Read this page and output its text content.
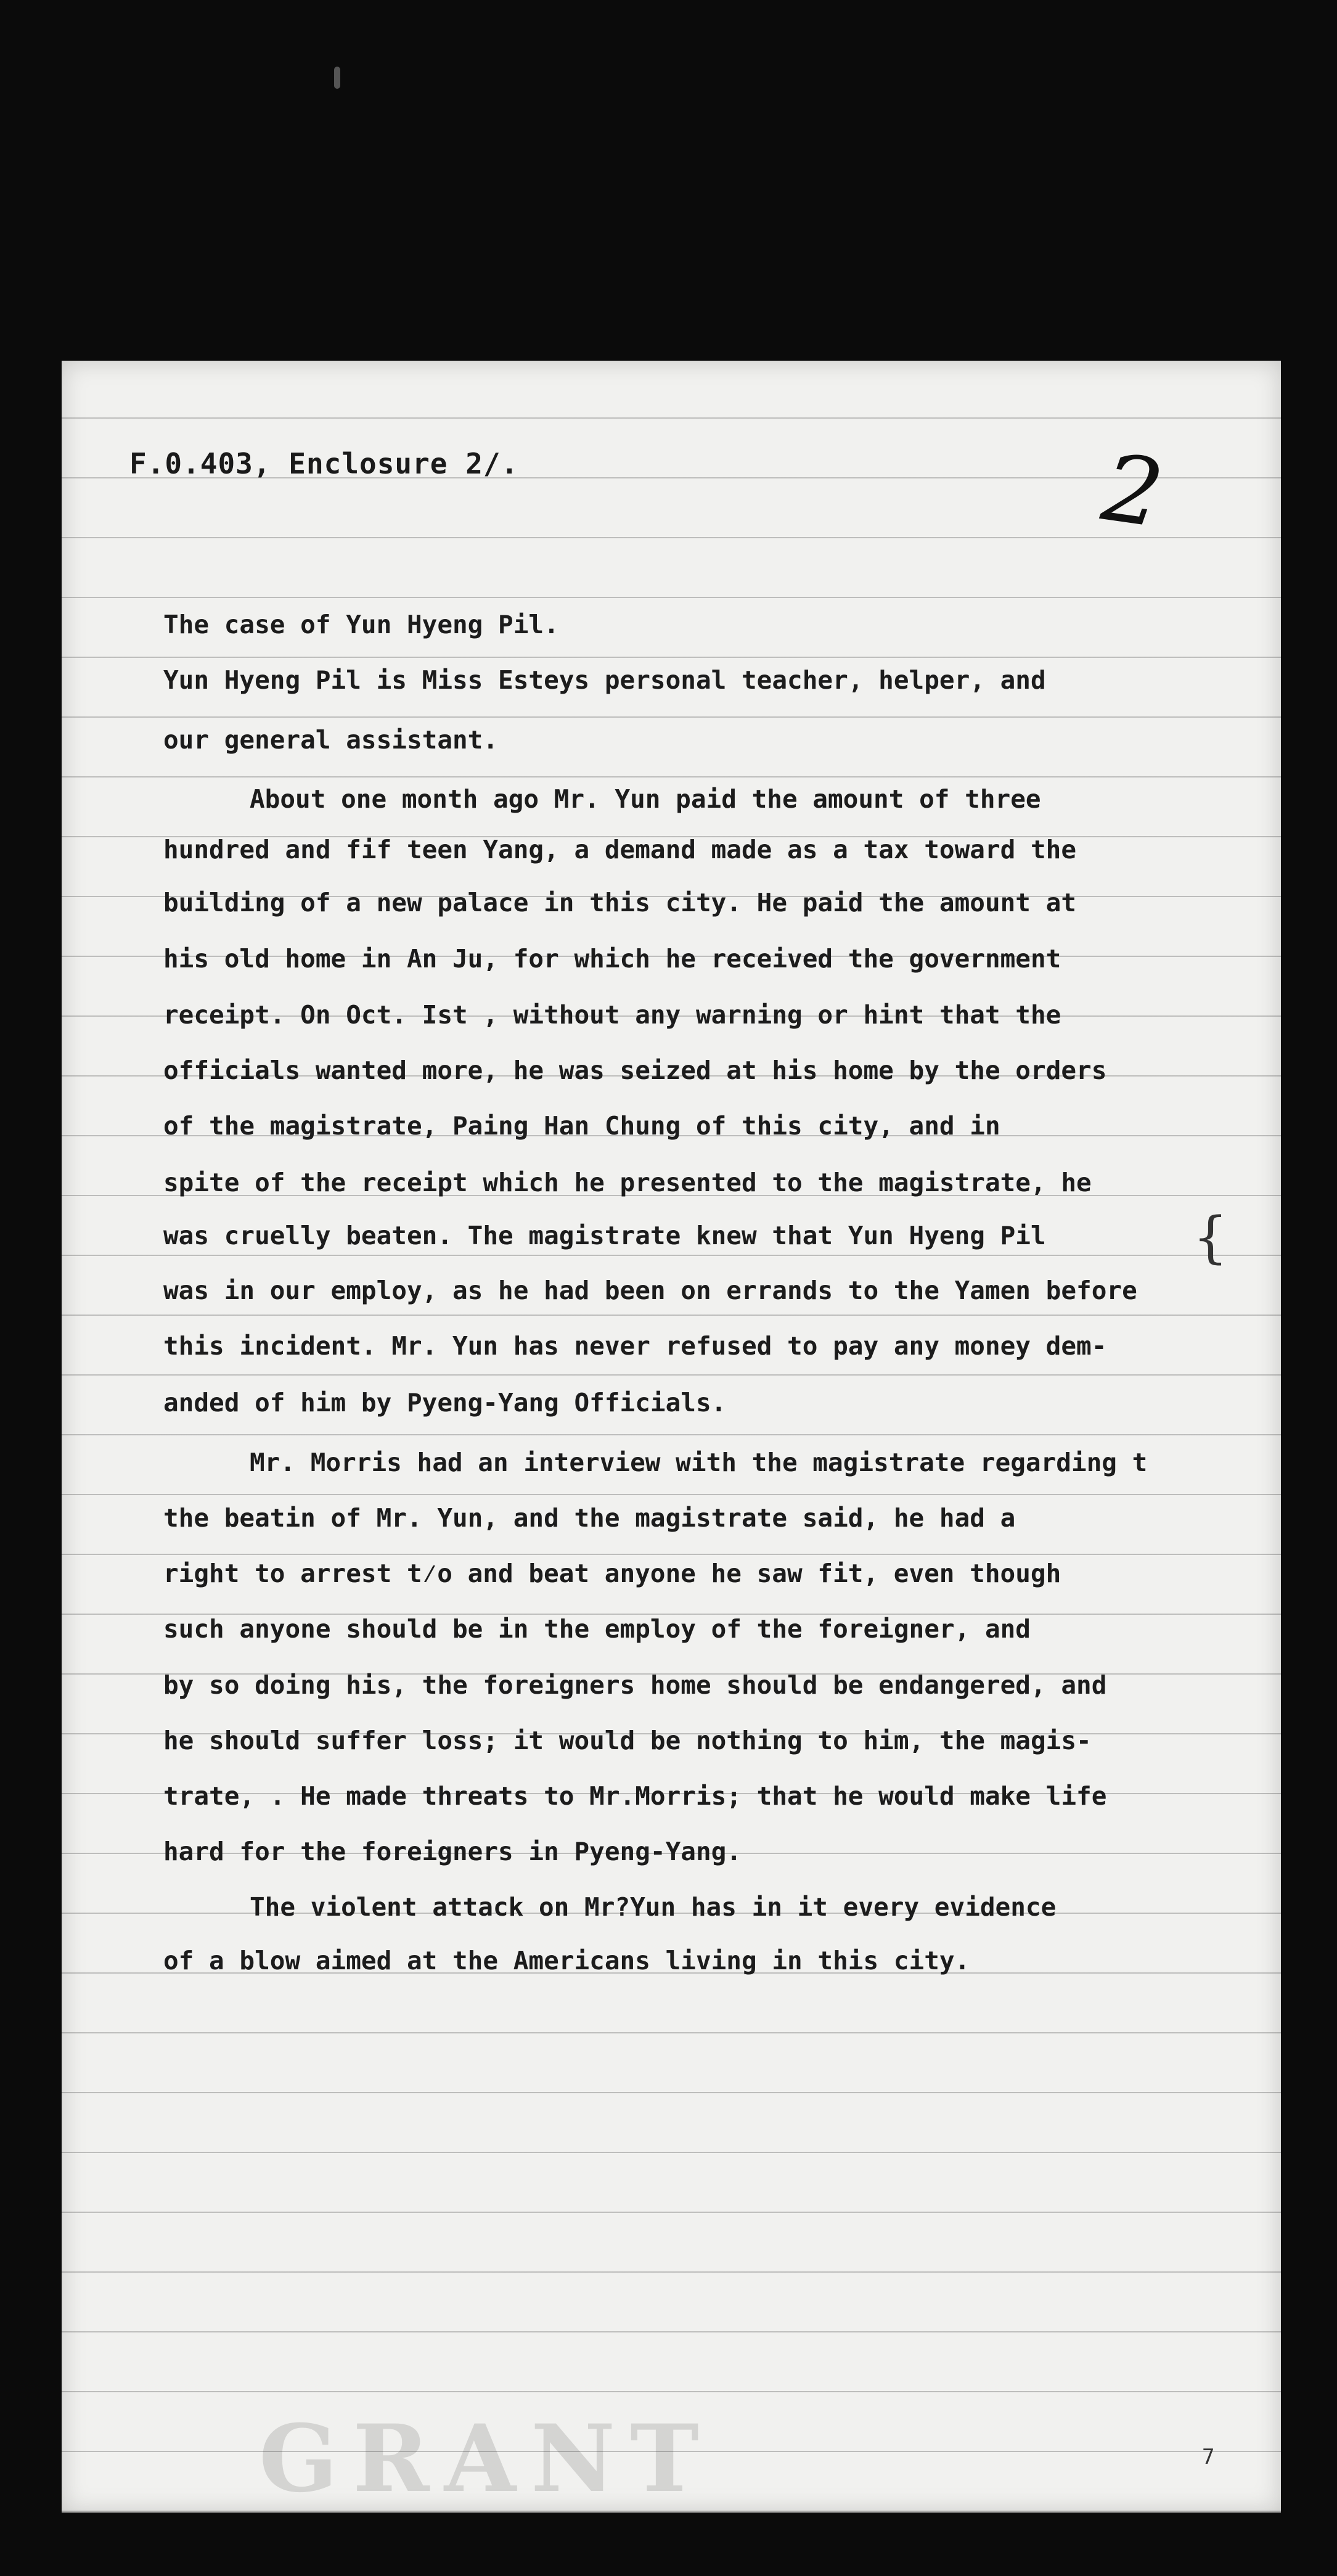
F.0.403, Enclosure 2/.	2
The case of Yun Hyeng Pil.
Yun Hyeng Pil is Miss Esteys personal teacher, helper, and
our general assistant.
About one month ago Mr. Yun paid the amount of three
hundred and fif teen Yang, a demand made as a tax toward the
building of a new palace in this city. He paid the amount at
his old home in An Ju, for which he received the government
receipt. On Oct. Ist , without any warning or hint that the
officials wanted more, he was seized at his home by the orders
of the magistrate, Paing Han Chung of this city, and in
spite of the receipt which he presented to the magistrate, he
was cruelly beaten. The magistrate knew that Yun Hyeng Pil
was in our employ, as he had been on errands to the Yamen before
this incident. Mr. Yun has never refused to pay any money dem-
anded of him by Pyeng-Yang Officials.
Mr. Morris had an interview with the magistrate regarding t
the beatin of Mr. Yun, and the magistrate said, he had a
right to arrest t⁄o and beat anyone he saw fit, even though
such anyone should be in the employ of the foreigner, and
by so doing his, the foreigners home should be endangered, and
he should suffer loss; it would be nothing to him, the magis-
trate, . He made threats to Mr.Morris; that he would make life
hard for the foreigners in Pyeng-Yang.
The violent attack on Mr?Yun has in it every evidence
of a blow aimed at the Americans living in this city.
{
7
GRANT
